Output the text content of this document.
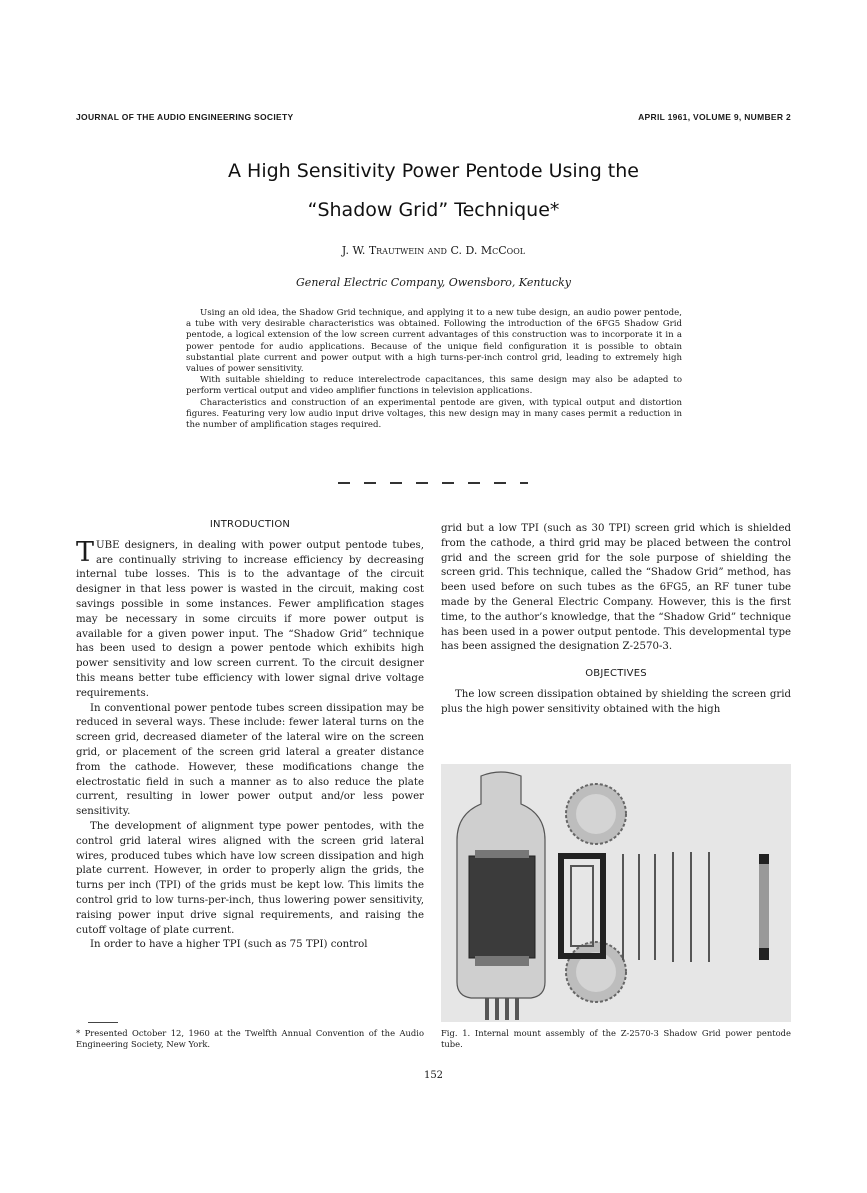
JOURNAL OF THE AUDIO ENGINEERING SOCIETY	APRIL 1961, VOLUME 9, NUMBER 2
A High Sensitivity Power Pentode Using the
“Shadow Grid” Technique*
J. W. Trautwein and C. D. McCool
General Electric Company, Owensboro, Kentucky

Using an old idea, the Shadow Grid technique, and applying it to a new tube design, an audio power pentode, a tube with very desirable characteristics was obtained. Following the introduction of the 6FG5 Shadow Grid pentode, a logical extension of the low screen current advantages of this construction was to incorporate it in a power pentode for audio applications. Because of the unique field configuration it is possible to obtain substantial plate current and power output with a high turns-per-inch control grid, leading to extremely high values of power sensitivity.

With suitable shielding to reduce interelectrode capacitances, this same design may also be adapted to perform vertical output and video amplifier functions in television applications.

Characteristics and construction of an experimental pentode are given, with typical output and distortion figures. Featuring very low audio input drive voltages, this new design may in many cases permit a reduction in the number of amplification stages required.

INTRODUCTION

TUBE designers, in dealing with power output pentode tubes, are continually striving to increase efficiency by decreasing internal tube losses. This is to the advantage of the circuit designer in that less power is wasted in the circuit, making cost savings possible in some instances. Fewer amplification stages may be necessary in some circuits if more power output is available for a given power input. The “Shadow Grid” technique has been used to design a power pentode which exhibits high power sensitivity and low screen current. To the circuit designer this means better tube efficiency with lower signal drive voltage requirements.

In conventional power pentode tubes screen dissipation may be reduced in several ways. These include: fewer lateral turns on the screen grid, decreased diameter of the lateral wire on the screen grid, or placement of the screen grid lateral a greater distance from the cathode. However, these modifications change the electrostatic field in such a manner as to also reduce the plate current, resulting in lower power output and/or less power sensitivity.

The development of alignment type power pentodes, with the control grid lateral wires aligned with the screen grid lateral wires, produced tubes which have low screen dissipation and high plate current. However, in order to properly align the grids, the turns per inch (TPI) of the grids must be kept low. This limits the control grid to low turns-per-inch, thus lowering power sensitivity, raising power input drive signal requirements, and raising the cutoff voltage of plate current.

In order to have a higher TPI (such as 75 TPI) control

grid but a low TPI (such as 30 TPI) screen grid which is shielded from the cathode, a third grid may be placed between the control grid and the screen grid for the sole purpose of shielding the screen grid. This technique, called the “Shadow Grid” method, has been used before on such tubes as the 6FG5, an RF tuner tube made by the General Electric Company. However, this is the first time, to the author’s knowledge, that the “Shadow Grid” technique has been used in a power output pentode. This developmental type has been assigned the designation Z-2570-3.

OBJECTIVES

The low screen dissipation obtained by shielding the screen grid plus the high power sensitivity obtained with the high

* Presented October 12, 1960 at the Twelfth Annual Convention of the Audio Engineering Society, New York.
Fig. 1. Internal mount assembly of the Z-2570-3 Shadow Grid power pentode tube.
152
